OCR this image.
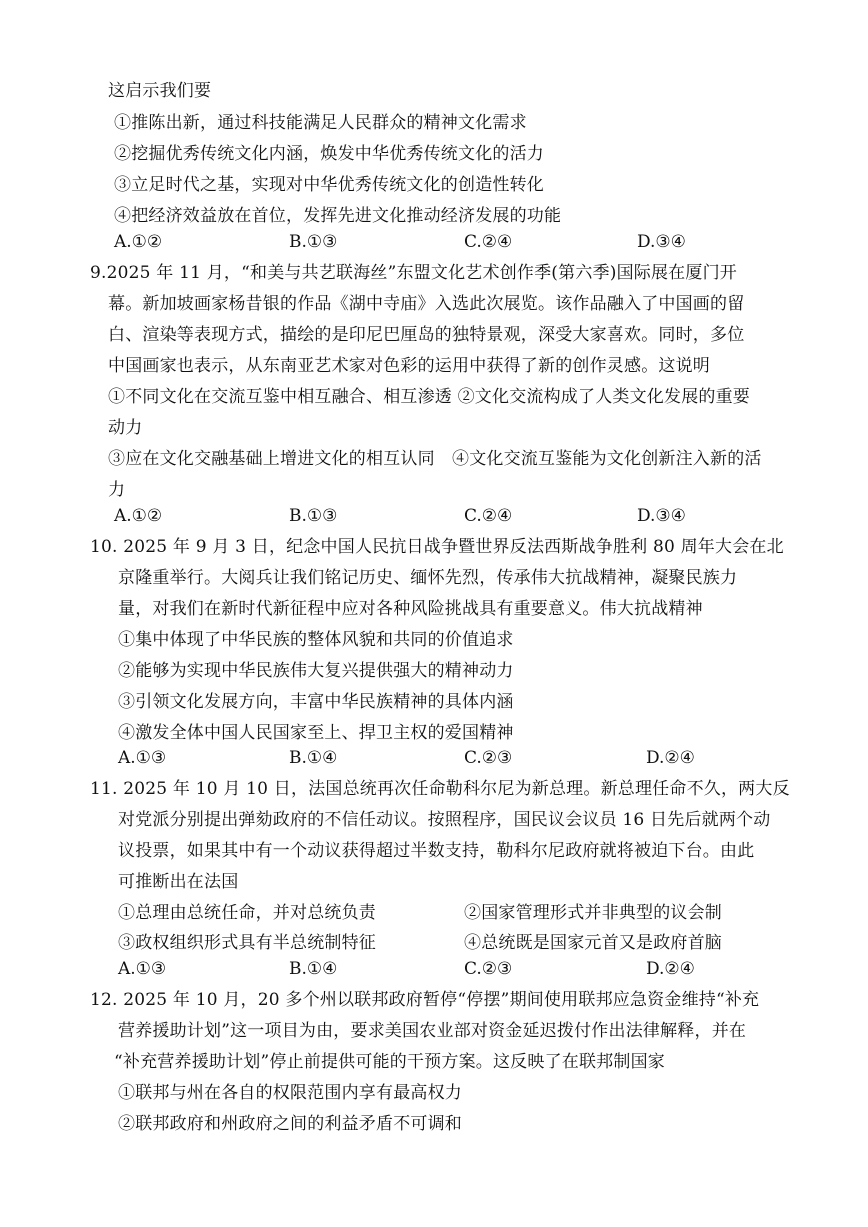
这启示我们要
①推陈出新，通过科技能满足人民群众的精神文化需求
②挖掘优秀传统文化内涵，焕发中华优秀传统文化的活力
③立足时代之基，实现对中华优秀传统文化的创造性转化
④把经济效益放在首位，发挥先进文化推动经济发展的功能
A.①②	B.①③	C.②④	D.③④
9.2025 年 11 月，“和美与共艺联海丝”东盟文化艺术创作季(第六季)国际展在厦门开
幕。新加坡画家杨昔银的作品《湖中寺庙》入选此次展览。该作品融入了中国画的留
白、渲染等表现方式，描绘的是印尼巴厘岛的独特景观，深受大家喜欢。同时，多位
中国画家也表示，从东南亚艺术家对色彩的运用中获得了新的创作灵感。这说明
①不同文化在交流互鉴中相互融合、相互渗透 ②文化交流构成了人类文化发展的重要
动力
③应在文化交融基础上增进文化的相互认同　④文化交流互鉴能为文化创新注入新的活
力
A.①②	B.①③	C.②④	D.③④
10. 2025 年 9 月 3 日，纪念中国人民抗日战争暨世界反法西斯战争胜利 80 周年大会在北
京隆重举行。大阅兵让我们铭记历史、缅怀先烈，传承伟大抗战精神，凝聚民族力
量，对我们在新时代新征程中应对各种风险挑战具有重要意义。伟大抗战精神
①集中体现了中华民族的整体风貌和共同的价值追求
②能够为实现中华民族伟大复兴提供强大的精神动力
③引领文化发展方向，丰富中华民族精神的具体内涵
④激发全体中国人民国家至上、捍卫主权的爱国精神
A.①③	B.①④	C.②③	D.②④
11. 2025 年 10 月 10 日，法国总统再次任命勒科尔尼为新总理。新总理任命不久，两大反
对党派分别提出弹劾政府的不信任动议。按照程序，国民议会议员 16 日先后就两个动
议投票，如果其中有一个动议获得超过半数支持，勒科尔尼政府就将被迫下台。由此
可推断出在法国
①总理由总统任命，并对总统负责	②国家管理形式并非典型的议会制
③政权组织形式具有半总统制特征	④总统既是国家元首又是政府首脑
A.①③	B.①④	C.②③	D.②④
12. 2025 年 10 月，20 多个州以联邦政府暂停“停摆”期间使用联邦应急资金维持“补充
营养援助计划”这一项目为由，要求美国农业部对资金延迟拨付作出法律解释，并在
“补充营养援助计划”停止前提供可能的干预方案。这反映了在联邦制国家
①联邦与州在各自的权限范围内享有最高权力
②联邦政府和州政府之间的利益矛盾不可调和
